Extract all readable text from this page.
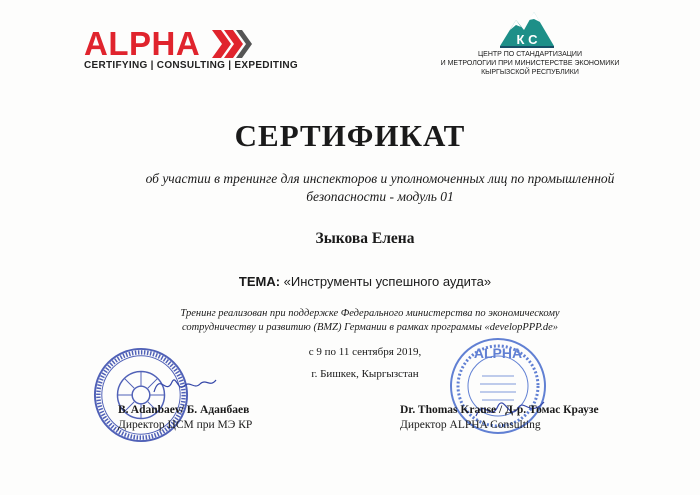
ALPHA
CERTIFYING | CONSULTING | EXPEDITING
К С
ЦЕНТР ПО СТАНДАРТИЗАЦИИ
И МЕТРОЛОГИИ ПРИ МИНИСТЕРСТВЕ ЭКОНОМИКИ
КЫРГЫЗСКОЙ РЕСПУБЛИКИ
СЕРТИФИКАТ
об участии в тренинге для инспекторов и уполномоченных лиц по промышленной
безопасности - модуль 01
Зыкова Елена
ТЕМА: «Инструменты успешного аудита»
Тренинг реализован при поддержке Федерального министерства по экономическому
сотрудничеству и развитию (BMZ) Германии в рамках программы «developPPP.de»
с 9 по 11 сентября 2019,
г. Бишкек, Кыргызстан
ALPHA
B. Adanbaev/ Б. Аданбаев
Директор ЦСМ при МЭ КР
Dr. Thomas Krause / Д-р. Томас Краузе
Директор ALPHA Consulting
